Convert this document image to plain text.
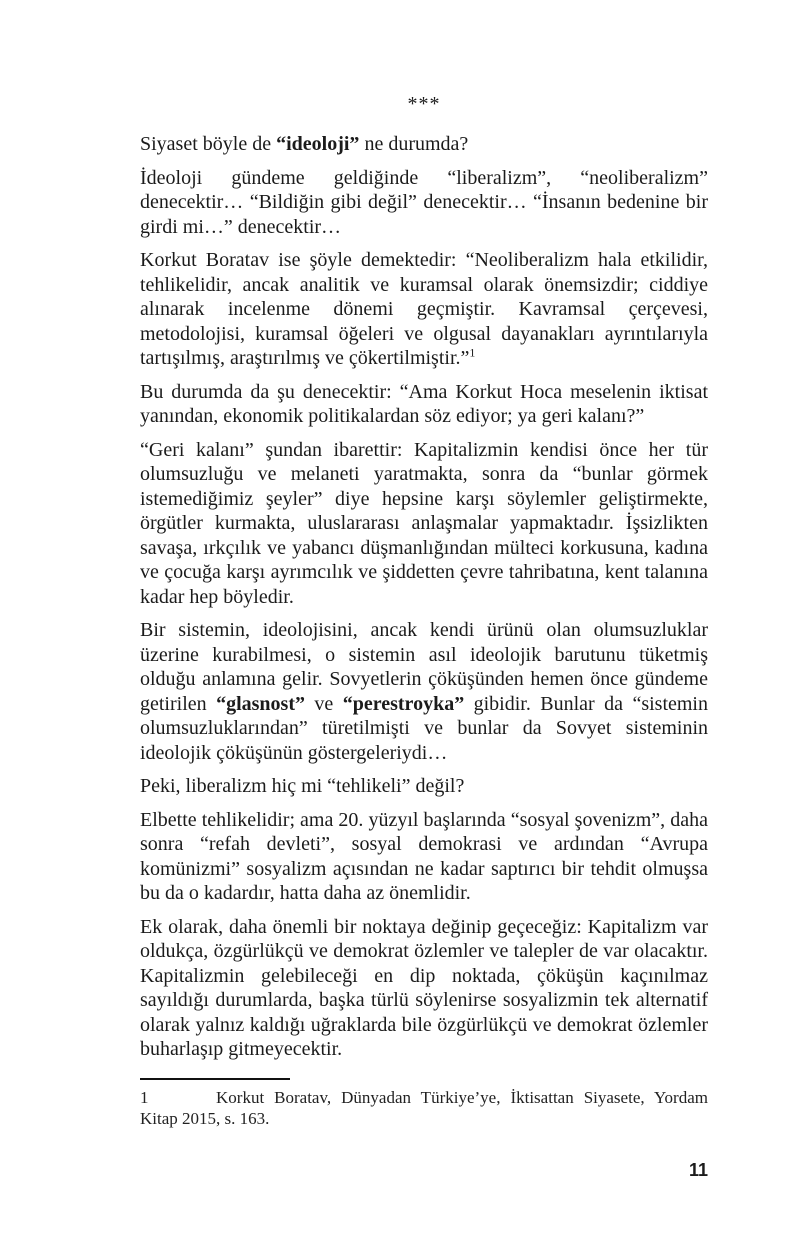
***

Siyaset böyle de “ideoloji” ne durumda?

İdeoloji gündeme geldiğinde “liberalizm”, “neoliberalizm” denecektir… “Bildiğin gibi değil” denecektir… “İnsanın bedenine bir girdi mi…” denecektir…

Korkut Boratav ise şöyle demektedir: “Neoliberalizm hala etkilidir, tehlikelidir, ancak analitik ve kuramsal olarak önemsizdir; ciddiye alınarak incelenme dönemi geçmiştir. Kavramsal çerçevesi, metodolojisi, kuramsal öğeleri ve olgusal dayanakları ayrıntılarıyla tartışılmış, araştırılmış ve çökertilmiştir.”$^1$

Bu durumda da şu denecektir: “Ama Korkut Hoca meselenin iktisat yanından, ekonomik politikalardan söz ediyor; ya geri kalanı?”

“Geri kalanı” şundan ibarettir: Kapitalizmin kendisi önce her tür olumsuzluğu ve melaneti yaratmakta, sonra da “bunlar görmek istemediğimiz şeyler” diye hepsine karşı söylemler geliştirmekte, örgütler kurmakta, uluslararası anlaşmalar yapmaktadır. İşsizlikten savaşa, ırkçılık ve yabancı düşmanlığından mülteci korkusuna, kadına ve çocuğa karşı ayrımcılık ve şiddetten çevre tahribatına, kent talanına kadar hep böyledir.

Bir sistemin, ideolojisini, ancak kendi ürünü olan olumsuzluklar üzerine kurabilmesi, o sistemin asıl ideolojik barutunu tüketmiş olduğu anlamına gelir. Sovyetlerin çöküşünden hemen önce gündeme getirilen “glasnost” ve “perestroyka” gibidir. Bunlar da “sistemin olumsuzluklarından” türetilmişti ve bunlar da Sovyet sisteminin ideolojik çöküşünün göstergeleriydi…

Peki, liberalizm hiç mi “tehlikeli” değil?

Elbette tehlikelidir; ama 20. yüzyıl başlarında “sosyal şovenizm”, daha sonra “refah devleti”, sosyal demokrasi ve ardından “Avrupa komünizmi” sosyalizm açısından ne kadar saptırıcı bir tehdit olmuşsa bu da o kadardır, hatta daha az önemlidir.

Ek olarak, daha önemli bir noktaya değinip geçeceğiz: Kapitalizm var oldukça, özgürlükçü ve demokrat özlemler ve talepler de var olacaktır. Kapitalizmin gelebileceği en dip noktada, çöküşün kaçınılmaz sayıldığı durumlarda, başka türlü söylenirse sosyalizmin tek alternatif olarak yalnız kaldığı uğraklarda bile özgürlükçü ve demokrat özlemler buharlaşıp gitmeyecektir.

1	Korkut Boratav, Dünyadan Türkiye’ye, İktisattan Siyasete, Yordam Kitap 2015, s. 163.

11
